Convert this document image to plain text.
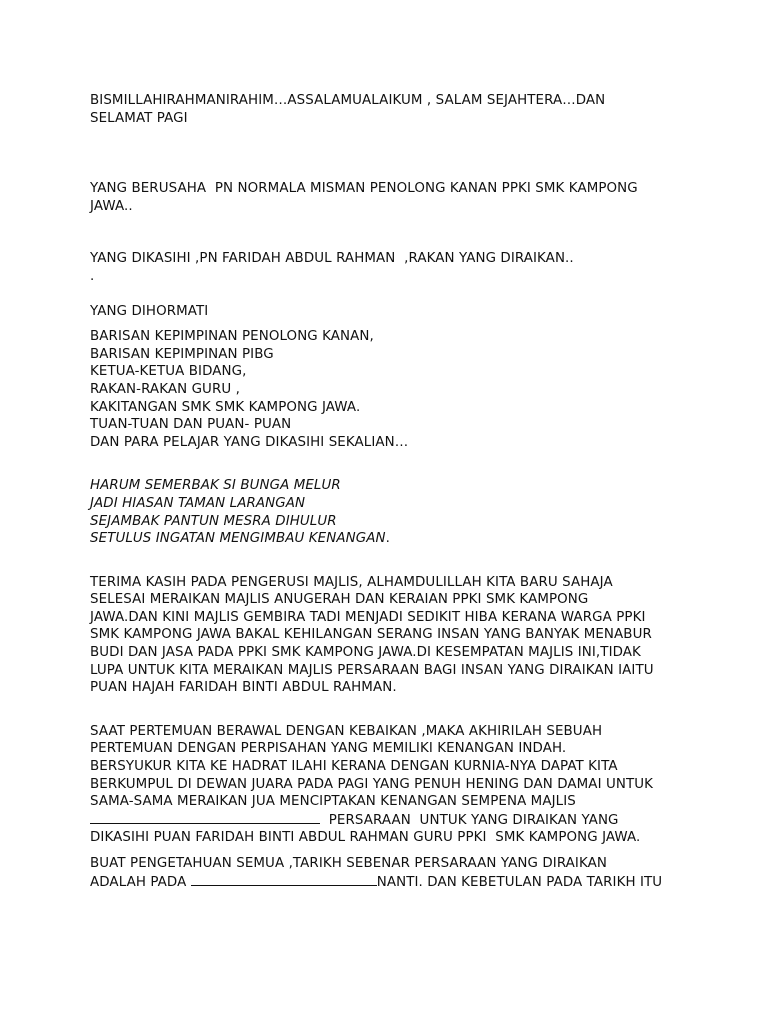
BISMILLAHIRAHMANIRAHIM…ASSALAMUALAIKUM , SALAM SEJAHTERA…DAN
SELAMAT PAGI

YANG BERUSAHA  PN NORMALA MISMAN PENOLONG KANAN PPKI SMK KAMPONG
JAWA..

YANG DIKASIHI ,PN FARIDAH ABDUL RAHMAN  ,RAKAN YANG DIRAIKAN..
.

YANG DIHORMATI

BARISAN KEPIMPINAN PENOLONG KANAN,
BARISAN KEPIMPINAN PIBG
KETUA-KETUA BIDANG,
RAKAN-RAKAN GURU ,
KAKITANGAN SMK SMK KAMPONG JAWA.
TUAN-TUAN DAN PUAN- PUAN
DAN PARA PELAJAR YANG DIKASIHI SEKALIAN…

HARUM SEMERBAK SI BUNGA MELUR
JADI HIASAN TAMAN LARANGAN
SEJAMBAK PANTUN MESRA DIHULUR
SETULUS INGATAN MENGIMBAU KENANGAN.

TERIMA KASIH PADA PENGERUSI MAJLIS, ALHAMDULILLAH KITA BARU SAHAJA
SELESAI MERAIKAN MAJLIS ANUGERAH DAN KERAIAN PPKI SMK KAMPONG
JAWA.DAN KINI MAJLIS GEMBIRA TADI MENJADI SEDIKIT HIBA KERANA WARGA PPKI
SMK KAMPONG JAWA BAKAL KEHILANGAN SERANG INSAN YANG BANYAK MENABUR
BUDI DAN JASA PADA PPKI SMK KAMPONG JAWA.DI KESEMPATAN MAJLIS INI,TIDAK
LUPA UNTUK KITA MERAIKAN MAJLIS PERSARAAN BAGI INSAN YANG DIRAIKAN IAITU
PUAN HAJAH FARIDAH BINTI ABDUL RAHMAN.

SAAT PERTEMUAN BERAWAL DENGAN KEBAIKAN ,MAKA AKHIRILAH SEBUAH
PERTEMUAN DENGAN PERPISAHAN YANG MEMILIKI KENANGAN INDAH.
BERSYUKUR KITA KE HADRAT ILAHI KERANA DENGAN KURNIA-NYA DAPAT KITA
BERKUMPUL DI DEWAN JUARA PADA PAGI YANG PENUH HENING DAN DAMAI UNTUK
SAMA-SAMA MERAIKAN JUA MENCIPTAKAN KENANGAN SEMPENA MAJLIS
PERSARAAN  UNTUK YANG DIRAIKAN YANG
DIKASIHI PUAN FARIDAH BINTI ABDUL RAHMAN GURU PPKI  SMK KAMPONG JAWA.

BUAT PENGETAHUAN SEMUA ,TARIKH SEBENAR PERSARAAN YANG DIRAIKAN
ADALAH PADA	NANTI. DAN KEBETULAN PADA TARIKH ITU
